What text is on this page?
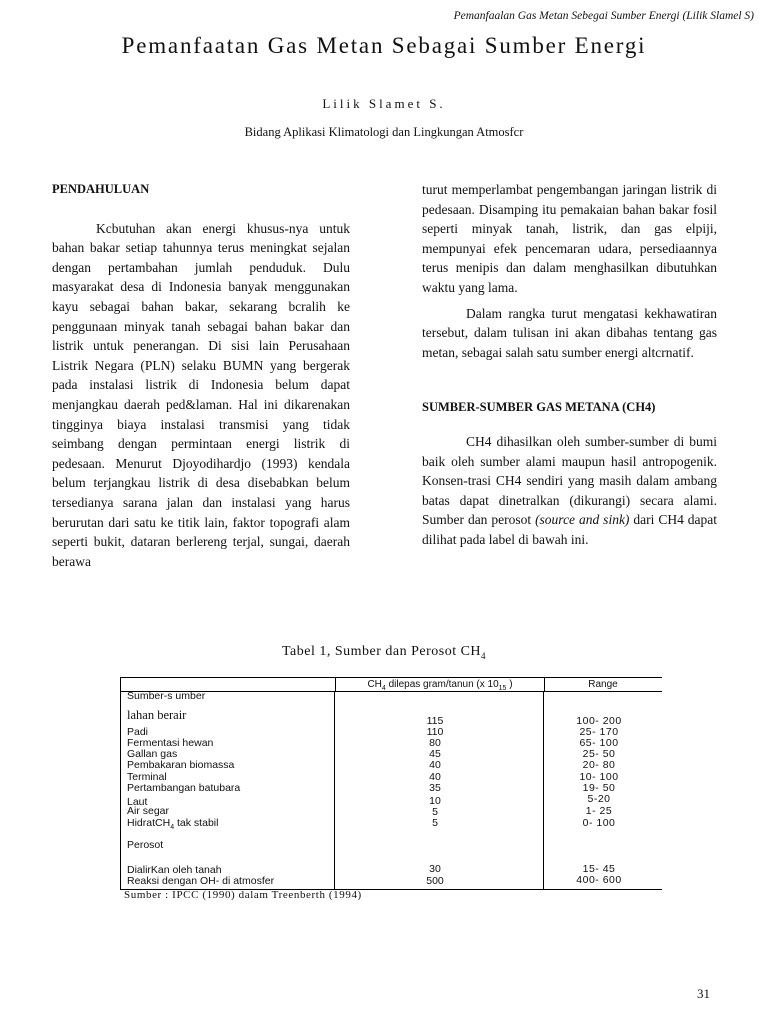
Pemanfaalan Gas Metan Sebegai Sumber Energi (Lilik Slamel S)
Pemanfaatan Gas Metan Sebagai Sumber Energi
Lilik Slamet S.
Bidang Aplikasi Klimatologi dan Lingkungan Atmosfcr

PENDAHULUAN

Kcbutuhan akan energi khusus-nya untuk bahan bakar setiap tahunnya terus meningkat sejalan dengan pertambahan jumlah penduduk. Dulu masyarakat desa di Indonesia banyak menggunakan kayu sebagai bahan bakar, sekarang bcralih ke penggunaan minyak tanah sebagai bahan bakar dan listrik untuk penerangan. Di sisi lain Perusahaan Listrik Negara (PLN) selaku BUMN yang bergerak pada instalasi listrik di Indonesia belum dapat menjangkau daerah ped&laman. Hal ini dikarenakan tingginya biaya instalasi transmisi yang tidak seimbang dengan permintaan energi listrik di pedesaan. Menurut Djoyodihardjo (1993) kendala belum terjangkau listrik di desa disebabkan belum tersedianya sarana jalan dan instalasi yang harus berurutan dari satu ke titik lain, faktor topografi alam seperti bukit, dataran berlereng terjal, sungai, daerah berawa

turut memperlambat pengembangan jaringan listrik di pedesaan. Disamping itu pemakaian bahan bakar fosil seperti minyak tanah, listrik, dan gas elpiji, mempunyai efek pencemaran udara, persediaannya terus menipis dan dalam menghasilkan dibutuhkan waktu yang lama.

Dalam rangka turut mengatasi kekhawatiran tersebut, dalam tulisan ini akan dibahas tentang gas metan, sebagai salah satu sumber energi altcrnatif.

SUMBER-SUMBER GAS METANA (CH4)

CH4 dihasilkan oleh sumber-sumber di bumi baik oleh sumber alami maupun hasil antropogenik. Konsen-trasi CH4 sendiri yang masih dalam ambang batas dapat dinetralkan (dikurangi) secara alami. Sumber dan perosot (source and sink) dari CH4 dapat dilihat pada label di bawah ini.

Tabel 1, Sumber dan Perosot $CH_4$
$CH_4$ dilepas gram/tanun (x $10_{15}$ )	Range
Sumber-s umber
lahan berair	115	100- 200
Padi	110	25- 170
Fermentasi hewan	80	65- 100
Gallan gas	45	25- 50
Pembakaran biomassa	40	20- 80
Terminal	40	10- 100
Pertambangan batubara	35	19- 50
Laut	10	5-20
Air segar	5	1- 25
HidratCH$_4$ tak stabil	5	0- 100
Perosot
DialirKan oleh tanah	30	15- 45
Reaksi dengan OH- di atmosfer	500	400- 600
Sumber : IPCC (1990) dalam Treenberth (1994)
31
